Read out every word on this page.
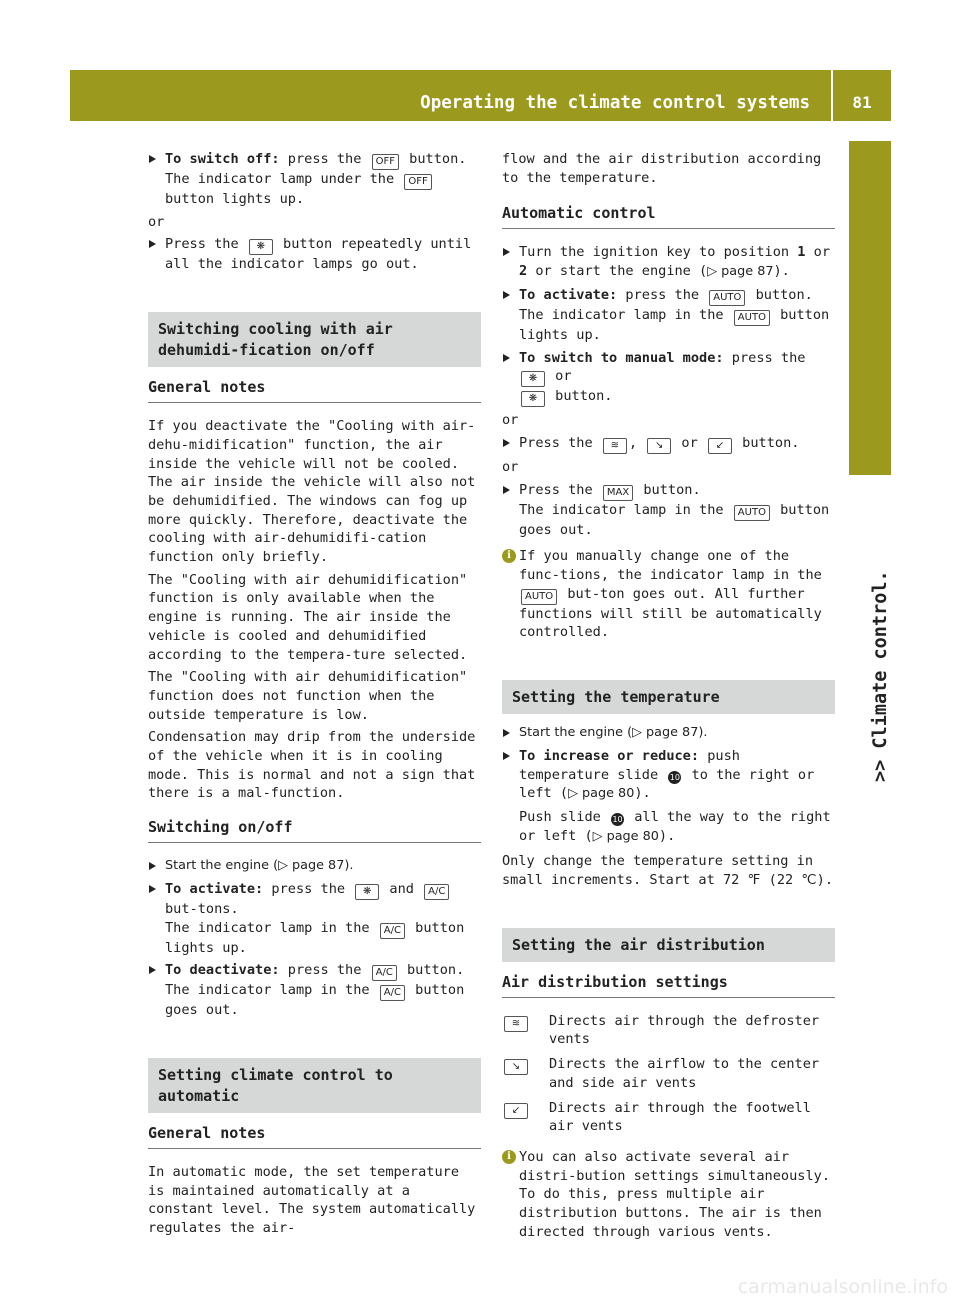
Operating the climate control systems	81
>> Climate control.
To switch off: press the OFF button.
The indicator lamp under the OFF button lights up.

or

Press the ❋ button repeatedly until all the indicator lamps go out.
Switching cooling with air dehumidi-fication on/off
General notes

If you deactivate the "Cooling with air-dehu-midification" function, the air inside the vehicle will not be cooled. The air inside the vehicle will also not be dehumidified. The windows can fog up more quickly. Therefore, deactivate the cooling with air-dehumidifi-cation function only briefly.

The "Cooling with air dehumidification" function is only available when the engine is running. The air inside the vehicle is cooled and dehumidified according to the tempera-ture selected.

The "Cooling with air dehumidification" function does not function when the outside temperature is low.

Condensation may drip from the underside of the vehicle when it is in cooling mode. This is normal and not a sign that there is a mal-function.

Switching on/off
Start the engine (▷ page 87).
To activate: press the ❋ and A/C but-tons.
The indicator lamp in the A/C button lights up.
To deactivate: press the A/C button.
The indicator lamp in the A/C button goes out.
Setting climate control to automatic
General notes

In automatic mode, the set temperature is maintained automatically at a constant level. The system automatically regulates the air-

flow and the air distribution according to the temperature.

Automatic control
Turn the ignition key to position 1 or 2 or start the engine (▷ page 87).
To activate: press the AUTO button.
The indicator lamp in the AUTO button lights up.
To switch to manual mode: press the ❋ or
❋ button.

or

Press the ≋ , ↘ or ↙ button.

or

Press the MAX button.
The indicator lamp in the AUTO button goes out.
i If you manually change one of the func-tions, the indicator lamp in the AUTO but-ton goes out. All further functions will still be automatically controlled.
Setting the temperature
Start the engine (▷ page 87).
To increase or reduce: push temperature slide 10 to the right or left (▷ page 80).
Push slide 10 all the way to the right or left (▷ page 80).

Only change the temperature setting in small increments. Start at 72 ℉ (22 ℃).

Setting the air distribution
Air distribution settings
≋	Directs air through the defroster vents
↘	Directs the airflow to the center and side air vents
↙	Directs air through the footwell air vents
i You can also activate several air distri-bution settings simultaneously. To do this, press multiple air distribution buttons. The air is then directed through various vents.
carmanualsonline.info
